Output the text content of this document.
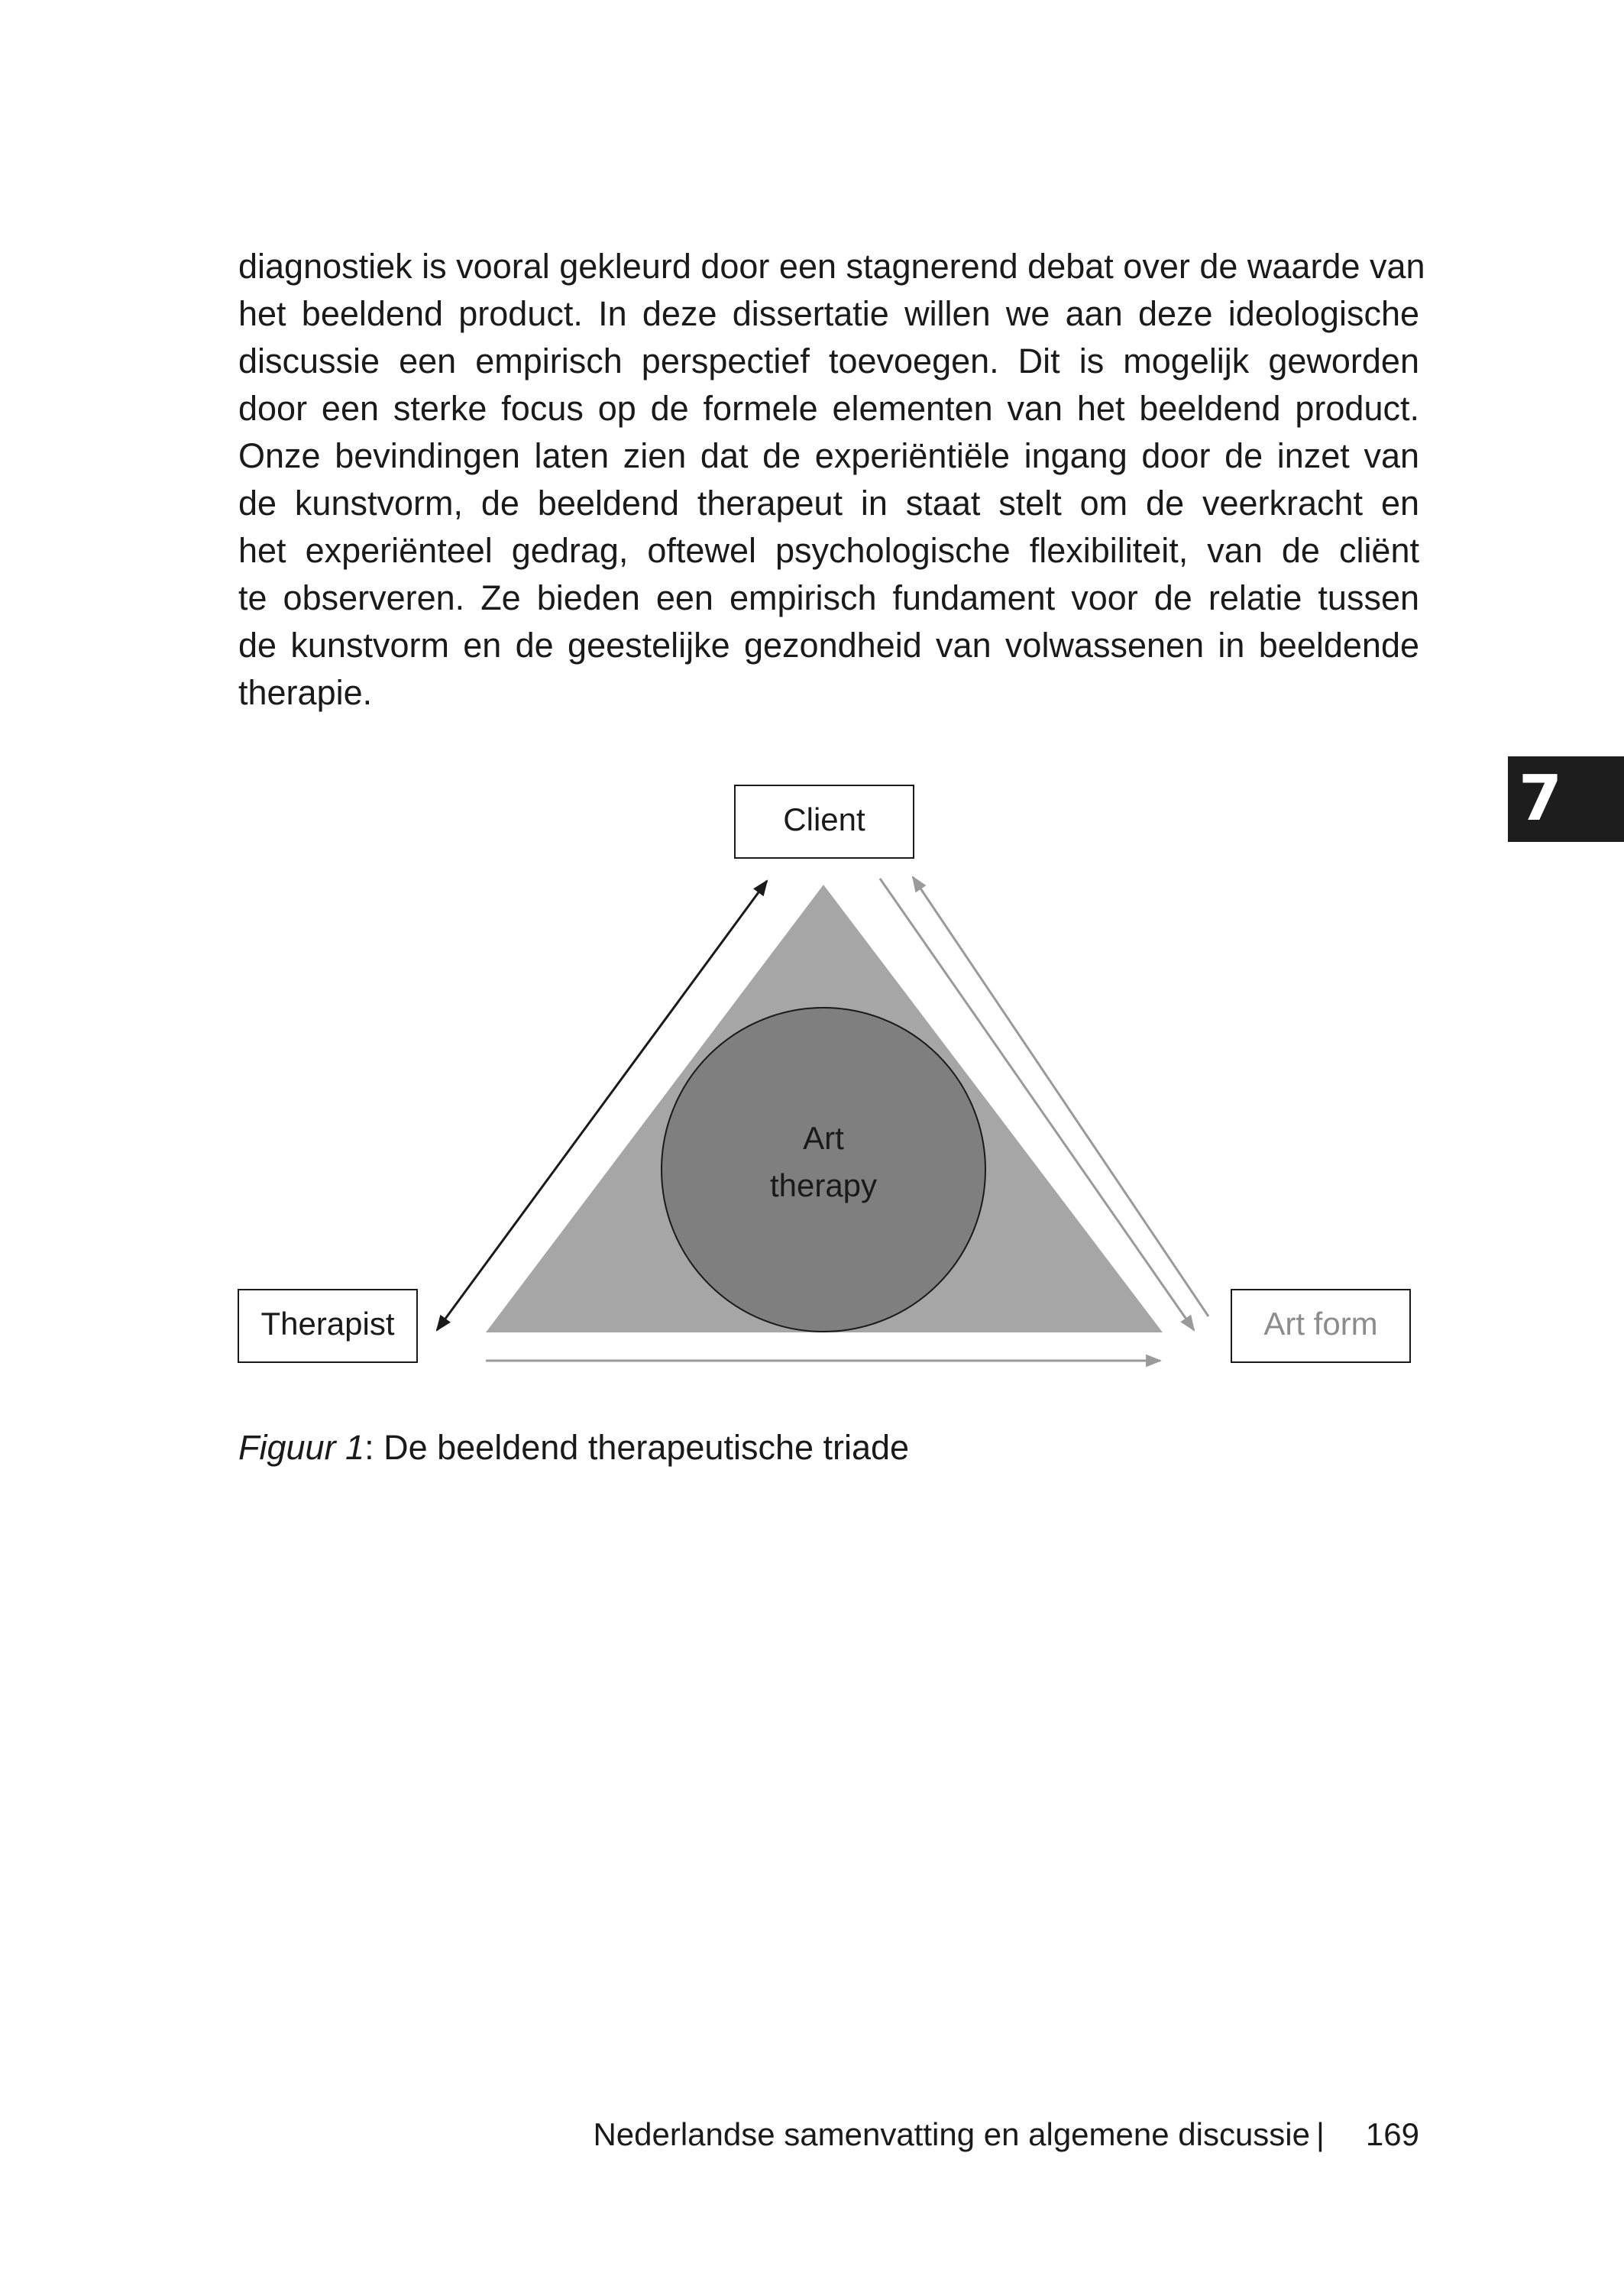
diagnostiek is vooral gekleurd door een stagnerend debat over de waarde van
het beeldend product. In deze dissertatie willen we aan deze ideologische
discussie een empirisch perspectief toevoegen. Dit is mogelijk geworden
door een sterke focus op de formele elementen van het beeldend product.
Onze bevindingen laten zien dat de experiëntiële ingang door de inzet van
de kunstvorm, de beeldend therapeut in staat stelt om de veerkracht en
het experiënteel gedrag, oftewel psychologische flexibiliteit, van de cliënt
te observeren. Ze bieden een empirisch fundament voor de relatie tussen
de kunstvorm en de geestelijke gezondheid van volwassenen in beeldende
therapie.
7
Art
therapy
Client
Therapist	Art form

Figuur 1: De beeldend therapeutische triade

Nederlandse samenvatting en algemene discussie | 169
